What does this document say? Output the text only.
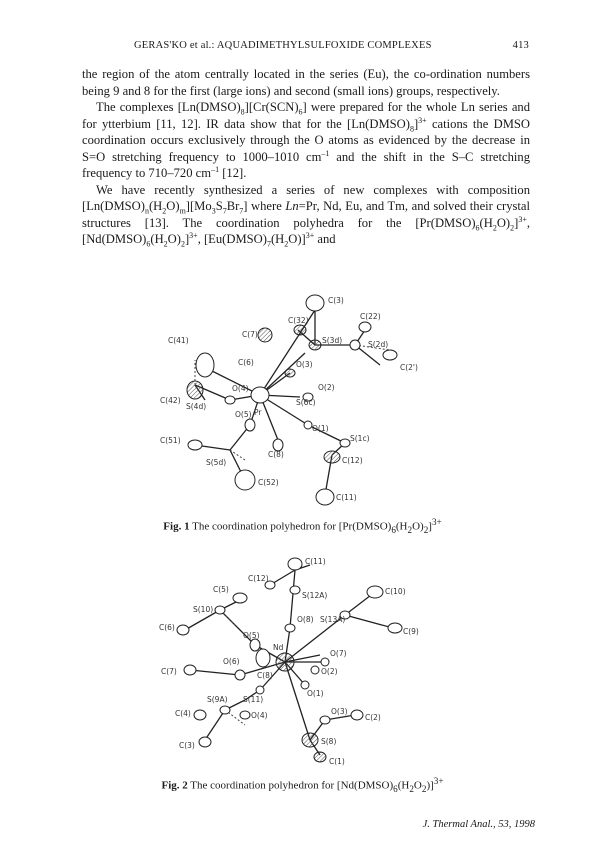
GERAS'KO et al.: AQUADIMETHYLSULFOXIDE COMPLEXES	413

the region of the atom centrally located in the series (Eu), the co-ordination numbers being 9 and 8 for the first (large ions) and second (small ions) groups, respectively.

The complexes $[Ln(DMSO)_8][Cr(SCN)_6]$ were prepared for the whole Ln series and for ytterbium [11, 12]. IR data show that for the $[Ln(DMSO)_8]^{3+}$ cations the DMSO coordination occurs exclusively through the O atoms as evidenced by the decrease in S=O stretching frequency to 1000–1010 $cm^{-1}$ and the shift in the S–C stretching frequency to 710–720 $cm^{-1}$ [12].

We have recently synthesized a series of new complexes with composition $[Ln(DMSO)_n(H_2O)_m][Mo_3S_7Br_7]$ where Ln=Pr, Nd, Eu, and Tm, and solved their crystal structures [13]. The coordination polyhedra for the $[Pr(DMSO)_6(H_2O)_2]^{3+}$, $[Nd(DMSO)_6(H_2O)_2]^{3+}$, $[Eu(DMSO)_7(H_2O)]^{3+}$ and

C(3)
C(32)	C(22)
S(2d)
C(41)
C(7)
S(3d)
C(2')
C(6)	O(3)
Pr
O(2)
O(4)
S(6c)
C(42)
S(4d)
O(5)
O(1)
C(51)	S(1c)
C(8)
C(12)
S(5d)
C(52)
C(11)
Fig. 1 The coordination polyhedron for $[Pr(DMSO)_6(H_2O)_2]^{3+}$
C(11)
C(12)
C(5)
S(12A)	C(10)
S(10)
O(8) S(13A)
C(9)
C(6)
O(5)
Nd
O(7)
C(7)
O(6)
C(8)	O(2)
S(11)
O(1)
S(9A)
C(4)	O(4)	O(3)
C(2)
S(8)
C(3)
C(1)
Fig. 2 The coordination polyhedron for $[Nd(DMSO)_6(H_2O_2)]^{3+}$
J. Thermal Anal., 53, 1998
